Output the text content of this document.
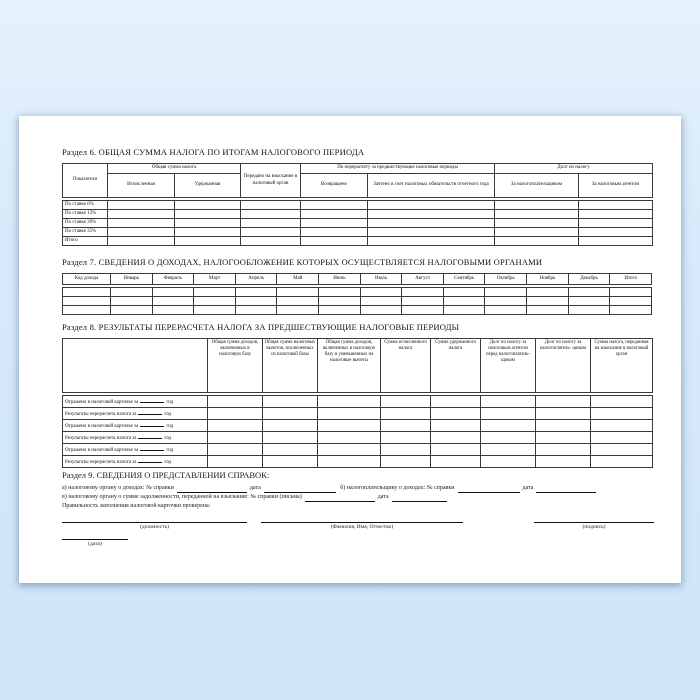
Раздел 6. ОБЩАЯ СУММА НАЛОГА ПО ИТОГАМ НАЛОГОВОГО ПЕРИОДА
Показатели	Общая сумма налога		Передано на взыскание в налоговый орган	По перерасчету за предшествующие налоговые периоды		Долг по налогу	
	Исчисленная	Удержанная		Возвращено	Зачтено в счет налоговых обязательств отчетного года	За налогоплательщиком	За налоговым агентом
По ставке 6%							
По ставке 13%							
По ставке 30%							
По ставке 35%							
Итого							
Раздел 7. СВЕДЕНИЯ О ДОХОДАХ, НАЛОГООБЛОЖЕНИЕ КОТОРЫХ ОСУЩЕСТВЛЯЕТСЯ НАЛОГОВЫМИ ОРГАНАМИ
Код дохода	Январь	Февраль	Март	Апрель	Май	Июнь	Июль	Август	Сентябрь	Октябрь	Ноябрь	Декабрь	Итого

Раздел 8. РЕЗУЛЬТАТЫ ПЕРЕРАСЧЕТА НАЛОГА ЗА ПРЕДШЕСТВУЮЩИЕ НАЛОГОВЫЕ ПЕРИОДЫ
	Общая сумма доходов, включенных в налоговую базу	Общая сумма налоговых вычетов, исключенных из налоговой базы	Общая сумма доходов, включенных в налоговую базу и уменьшенных на налоговые вычеты	Сумма исчисленного налога	Сумма удержанного налога	Долг по налогу за налоговым агентом перед налогоплатель- щиком	Долг по налогу за налогоплатель- щиком	Сумма налога, переданная на взыскание в налоговый орган
Отражено в налоговой карточке за год								
Результаты перерасчета налога за год								
Отражено в налоговой карточке за год								
Результаты перерасчета налога за год								
Отражено в налоговой карточке за год								
Результаты перерасчета налога за год								
Раздел 9. СВЕДЕНИЯ О ПРЕДСТАВЛЕНИИ СПРАВОК:

а) налоговому органу о доходах: № справки	дата	б) налогоплательщику о доходах: № справки	дата

в) налоговому органу о сумме задолженности, переданной на взыскание: № справки (письма)	дата

Правильность заполнения налоговой карточки проверена:

(должность)	(Фамилия, Имя, Отчество)	(подпись)
(дата)
